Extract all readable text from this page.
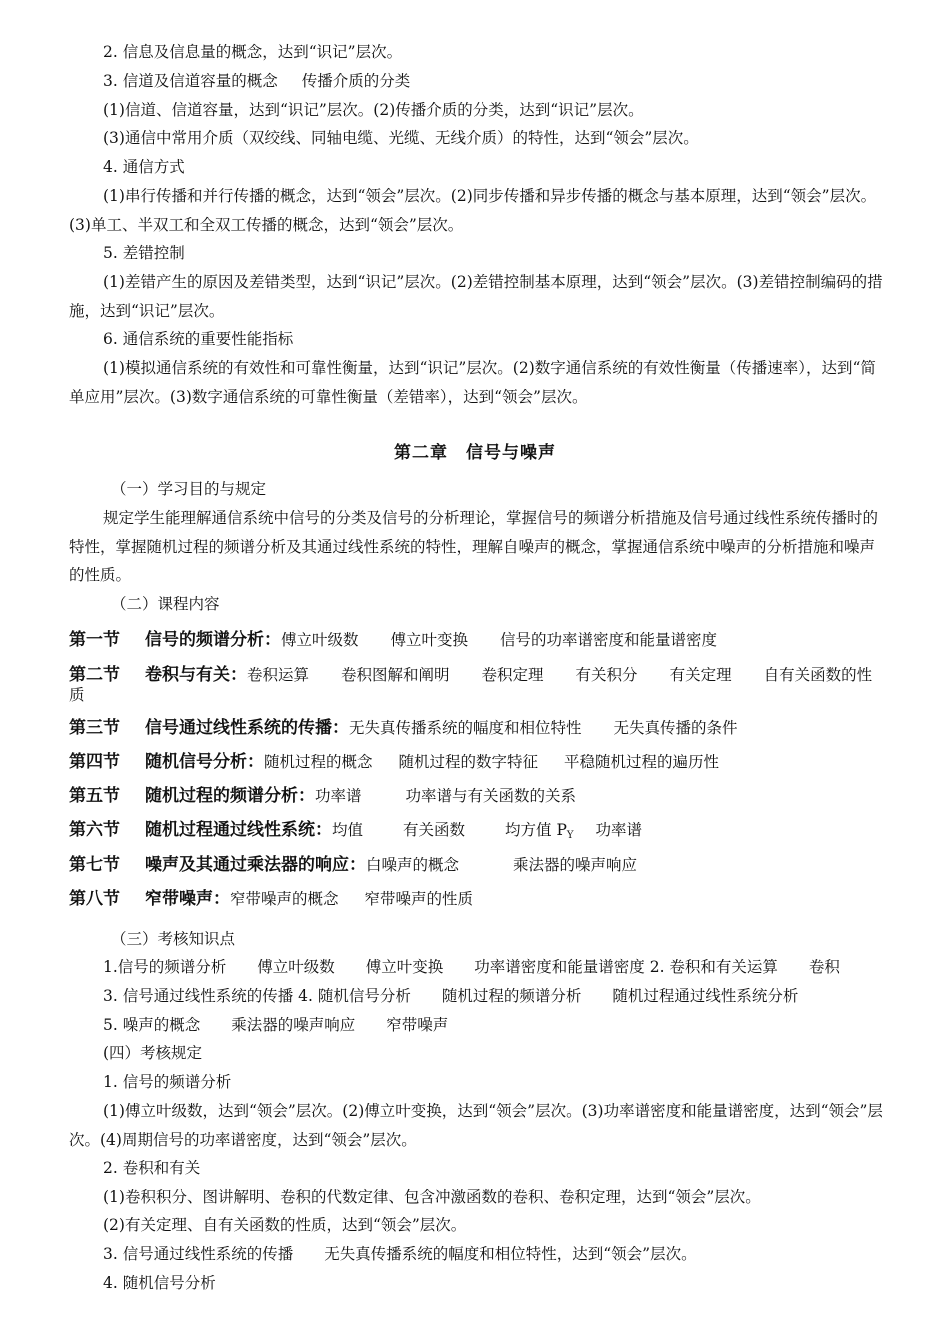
2. 信息及信息量的概念，达到“识记”层次。
3. 信道及信道容量的概念 传播介质的分类
(1)信道、信道容量，达到“识记”层次。(2)传播介质的分类，达到“识记”层次。
(3)通信中常用介质（双绞线、同轴电缆、光缆、无线介质）的特性，达到“领会”层次。
4. 通信方式
(1)串行传播和并行传播的概念，达到“领会”层次。(2)同步传播和异步传播的概念与基本原理，达到“领会”层次。(3)单工、半双工和全双工传播的概念，达到“领会”层次。
5. 差错控制
(1)差错产生的原因及差错类型，达到“识记”层次。(2)差错控制基本原理，达到“领会”层次。(3)差错控制编码的措施，达到“识记”层次。
6. 通信系统的重要性能指标
(1)模拟通信系统的有效性和可靠性衡量，达到“识记”层次。(2)数字通信系统的有效性衡量（传播速率），达到“简单应用”层次。(3)数字通信系统的可靠性衡量（差错率），达到“领会”层次。
第二章　信号与噪声
（一）学习目的与规定
规定学生能理解通信系统中信号的分类及信号的分析理论，掌握信号的频谱分析措施及信号通过线性系统传播时的特性，掌握随机过程的频谱分析及其通过线性系统的特性，理解自噪声的概念，掌握通信系统中噪声的分析措施和噪声的性质。
（二）课程内容
第一节 信号的频谱分析：傅立叶级数 傅立叶变换 信号的功率谱密度和能量谱密度
第二节 卷积与有关：卷积运算 卷积图解和阐明 卷积定理 有关积分 有关定理 自有关函数的性质
第三节 信号通过线性系统的传播：无失真传播系统的幅度和相位特性 无失真传播的条件
第四节 随机信号分析：随机过程的概念 随机过程的数字特征 平稳随机过程的遍历性
第五节 随机过程的频谱分析：功率谱	功率谱与有关函数的关系
第六节 随机过程通过线性系统：均值	有关函数	均方值 PY 功率谱
第七节 噪声及其通过乘法器的响应：白噪声的概念	乘法器的噪声响应
第八节 窄带噪声：窄带噪声的概念 窄带噪声的性质
（三）考核知识点
1.信号的频谱分析　　傅立叶级数　　傅立叶变换　　功率谱密度和能量谱密度 2. 卷积和有关运算　　卷积
3. 信号通过线性系统的传播 4. 随机信号分析　　随机过程的频谱分析　　随机过程通过线性系统分析
5. 噪声的概念　　乘法器的噪声响应　　窄带噪声
(四）考核规定
1. 信号的频谱分析
(1)傅立叶级数，达到“领会”层次。(2)傅立叶变换，达到“领会”层次。(3)功率谱密度和能量谱密度，达到“领会”层次。(4)周期信号的功率谱密度，达到“领会”层次。
2. 卷积和有关
(1)卷积积分、图讲解明、卷积的代数定律、包含冲激函数的卷积、卷积定理，达到“领会”层次。
(2)有关定理、自有关函数的性质，达到“领会”层次。
3. 信号通过线性系统的传播　　无失真传播系统的幅度和相位特性，达到“领会”层次。
4. 随机信号分析
